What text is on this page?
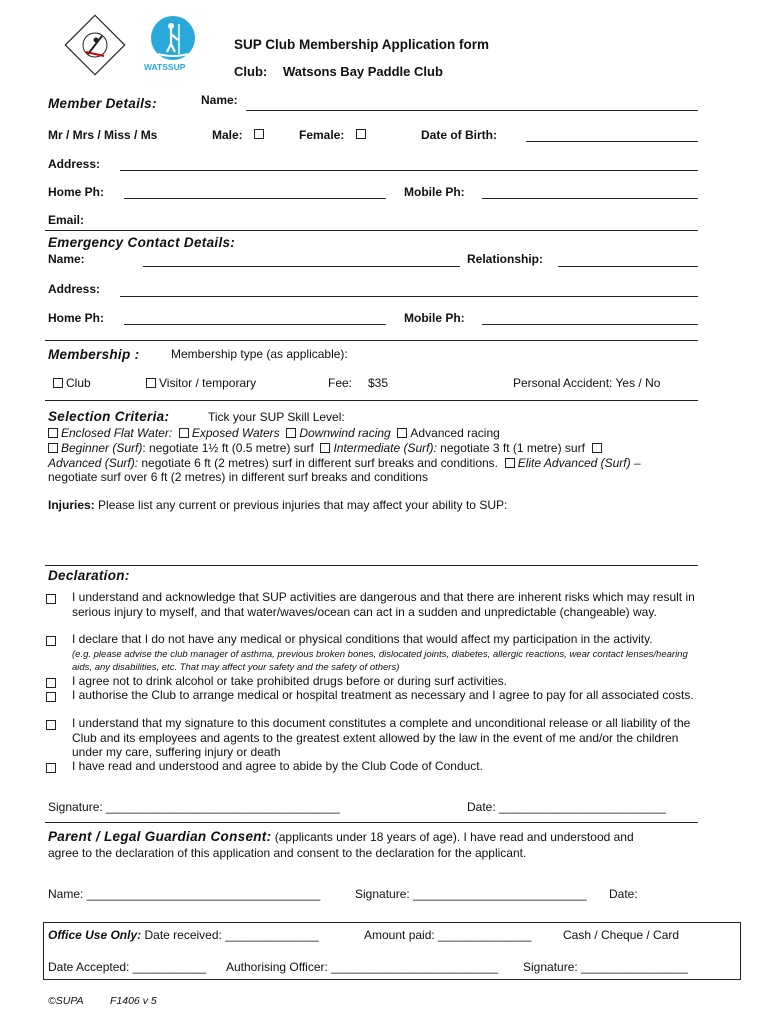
WATSSUP
SUP Club Membership Application form
Club: Watsons Bay Paddle Club
Member Details:	Name:
Mr / Mrs / Miss / Ms	Male:	Female:	Date of Birth:
Address:
Home Ph:	Mobile Ph:
Email:
Emergency Contact Details:
Name:	Relationship:
Address:
Home Ph:	Mobile Ph:
Membership :	Membership type (as applicable):
Club	Visitor / temporary	Fee: $35	Personal Accident: Yes / No
Selection Criteria:	Tick your SUP Skill Level:
Enclosed Flat Water: Exposed Waters Downwind racing Advanced racing
Beginner (Surf): negotiate 1½ ft (0.5 metre) surf Intermediate (Surf): negotiate 3 ft (1 metre) surf
Advanced (Surf): negotiate 6 ft (2 metres) surf in different surf breaks and conditions. Elite Advanced (Surf) –
negotiate surf over 6 ft (2 metres) in different surf breaks and conditions
Injuries: Please list any current or previous injuries that may affect your ability to SUP:
Declaration:
I understand and acknowledge that SUP activities are dangerous and that there are inherent risks which may result in serious injury to myself, and that water/waves/ocean can act in a sudden and unpredictable (changeable) way.
I declare that I do not have any medical or physical conditions that would affect my participation in the activity.
(e.g. please advise the club manager of asthma, previous broken bones, dislocated joints, diabetes, allergic reactions, wear contact lenses/hearing aids, any disabilities, etc. That may affect your safety and the safety of others)
I agree not to drink alcohol or take prohibited drugs before or during surf activities.
I authorise the Club to arrange medical or hospital treatment as necessary and I agree to pay for all associated costs.
I understand that my signature to this document constitutes a complete and unconditional release or all liability of the Club and its employees and agents to the greatest extent allowed by the law in the event of me and/or the children under my care, suffering injury or death
I have read and understood and agree to abide by the Club Code of Conduct.
Signature: ___________________________________	Date: _________________________
Parent / Legal Guardian Consent: (applicants under 18 years of age). I have read and understood and
agree to the declaration of this application and consent to the declaration for the applicant.
Name: ___________________________________	Signature: __________________________ Date:
Office Use Only: Date received: ______________	Amount paid: ______________	Cash / Cheque / Card
Date Accepted: ___________ Authorising Officer: _________________________ Signature: ________________
©SUPA	F1406 v 5
